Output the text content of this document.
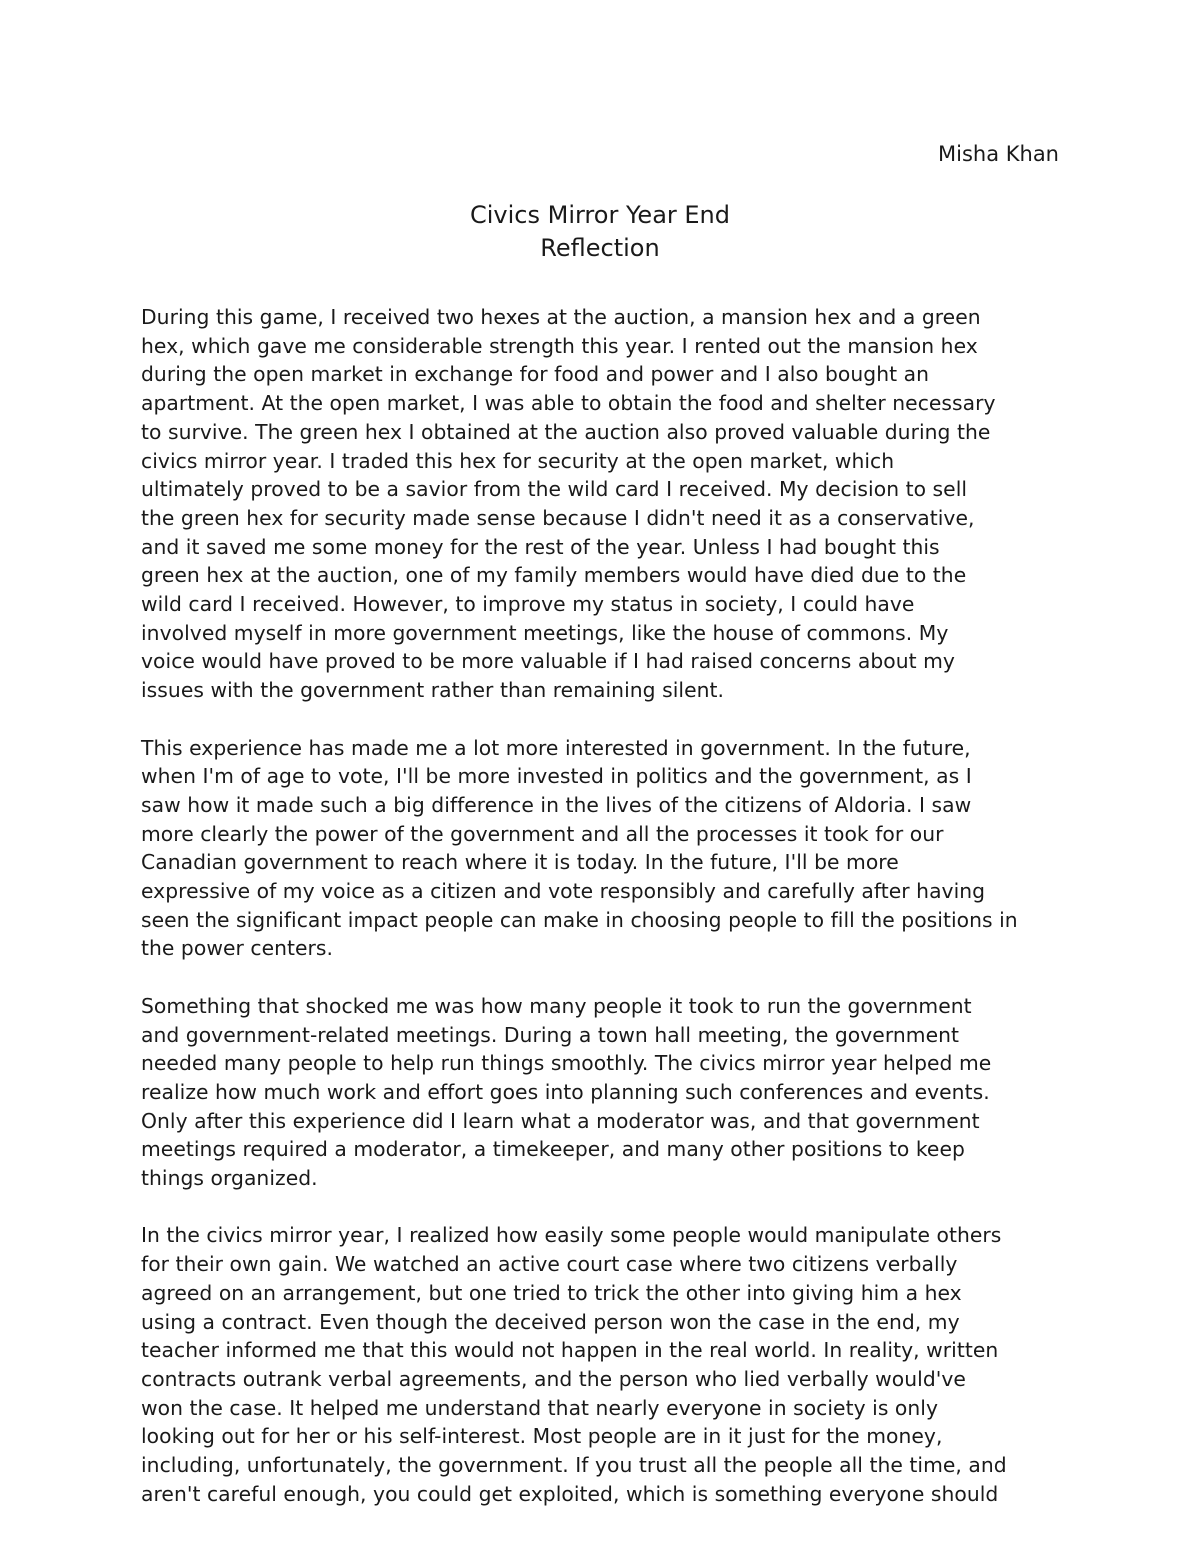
Misha Khan
Civics Mirror Year End
Reflection

During this game, I received two hexes at the auction, a mansion hex and a green
hex, which gave me considerable strength this year. I rented out the mansion hex
during the open market in exchange for food and power and I also bought an
apartment. At the open market, I was able to obtain the food and shelter necessary
to survive. The green hex I obtained at the auction also proved valuable during the
civics mirror year. I traded this hex for security at the open market, which
ultimately proved to be a savior from the wild card I received. My decision to sell
the green hex for security made sense because I didn't need it as a conservative,
and it saved me some money for the rest of the year. Unless I had bought this
green hex at the auction, one of my family members would have died due to the
wild card I received. However, to improve my status in society, I could have
involved myself in more government meetings, like the house of commons. My
voice would have proved to be more valuable if I had raised concerns about my
issues with the government rather than remaining silent.

This experience has made me a lot more interested in government. In the future,
when I'm of age to vote, I'll be more invested in politics and the government, as I
saw how it made such a big difference in the lives of the citizens of Aldoria. I saw
more clearly the power of the government and all the processes it took for our
Canadian government to reach where it is today. In the future, I'll be more
expressive of my voice as a citizen and vote responsibly and carefully after having
seen the significant impact people can make in choosing people to fill the positions in
the power centers.

Something that shocked me was how many people it took to run the government
and government-related meetings. During a town hall meeting, the government
needed many people to help run things smoothly. The civics mirror year helped me
realize how much work and effort goes into planning such conferences and events.
Only after this experience did I learn what a moderator was, and that government
meetings required a moderator, a timekeeper, and many other positions to keep
things organized.

In the civics mirror year, I realized how easily some people would manipulate others
for their own gain. We watched an active court case where two citizens verbally
agreed on an arrangement, but one tried to trick the other into giving him a hex
using a contract. Even though the deceived person won the case in the end, my
teacher informed me that this would not happen in the real world. In reality, written
contracts outrank verbal agreements, and the person who lied verbally would've
won the case. It helped me understand that nearly everyone in society is only
looking out for her or his self-interest. Most people are in it just for the money,
including, unfortunately, the government. If you trust all the people all the time, and
aren't careful enough, you could get exploited, which is something everyone should
